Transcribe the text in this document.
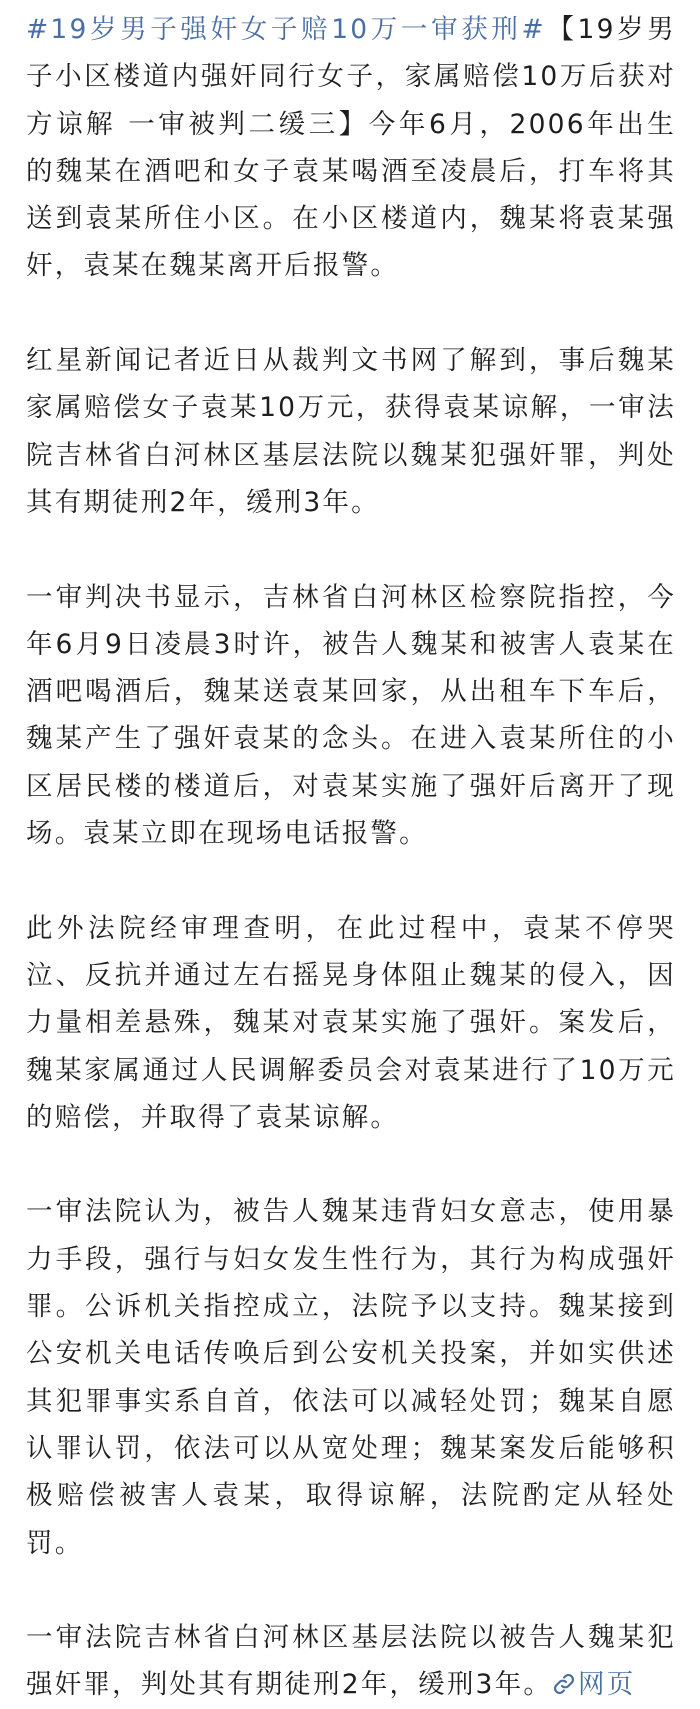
#19岁男子强奸女子赔10万一审获刑#【19岁男子小区楼道内强奸同行女子，家属赔偿10万后获对方谅解 一审被判二缓三】今年6月，2006年出生的魏某在酒吧和女子袁某喝酒至凌晨后，打车将其送到袁某所住小区。在小区楼道内，魏某将袁某强奸，袁某在魏某离开后报警。

红星新闻记者近日从裁判文书网了解到，事后魏某家属赔偿女子袁某10万元，获得袁某谅解，一审法院吉林省白河林区基层法院以魏某犯强奸罪，判处其有期徒刑2年，缓刑3年。

一审判决书显示，吉林省白河林区检察院指控，今年6月9日凌晨3时许，被告人魏某和被害人袁某在酒吧喝酒后，魏某送袁某回家，从出租车下车后，魏某产生了强奸袁某的念头。在进入袁某所住的小区居民楼的楼道后，对袁某实施了强奸后离开了现场。袁某立即在现场电话报警。

此外法院经审理查明，在此过程中，袁某不停哭泣、反抗并通过左右摇晃身体阻止魏某的侵入，因力量相差悬殊，魏某对袁某实施了强奸。案发后，魏某家属通过人民调解委员会对袁某进行了10万元的赔偿，并取得了袁某谅解。

一审法院认为，被告人魏某违背妇女意志，使用暴力手段，强行与妇女发生性行为，其行为构成强奸罪。公诉机关指控成立，法院予以支持。魏某接到公安机关电话传唤后到公安机关投案，并如实供述其犯罪事实系自首，依法可以减轻处罚；魏某自愿认罪认罚，依法可以从宽处理；魏某案发后能够积极赔偿被害人袁某，取得谅解，法院酌定从轻处罚。

一审法院吉林省白河林区基层法院以被告人魏某犯强奸罪，判处其有期徒刑2年，缓刑3年。 网页
